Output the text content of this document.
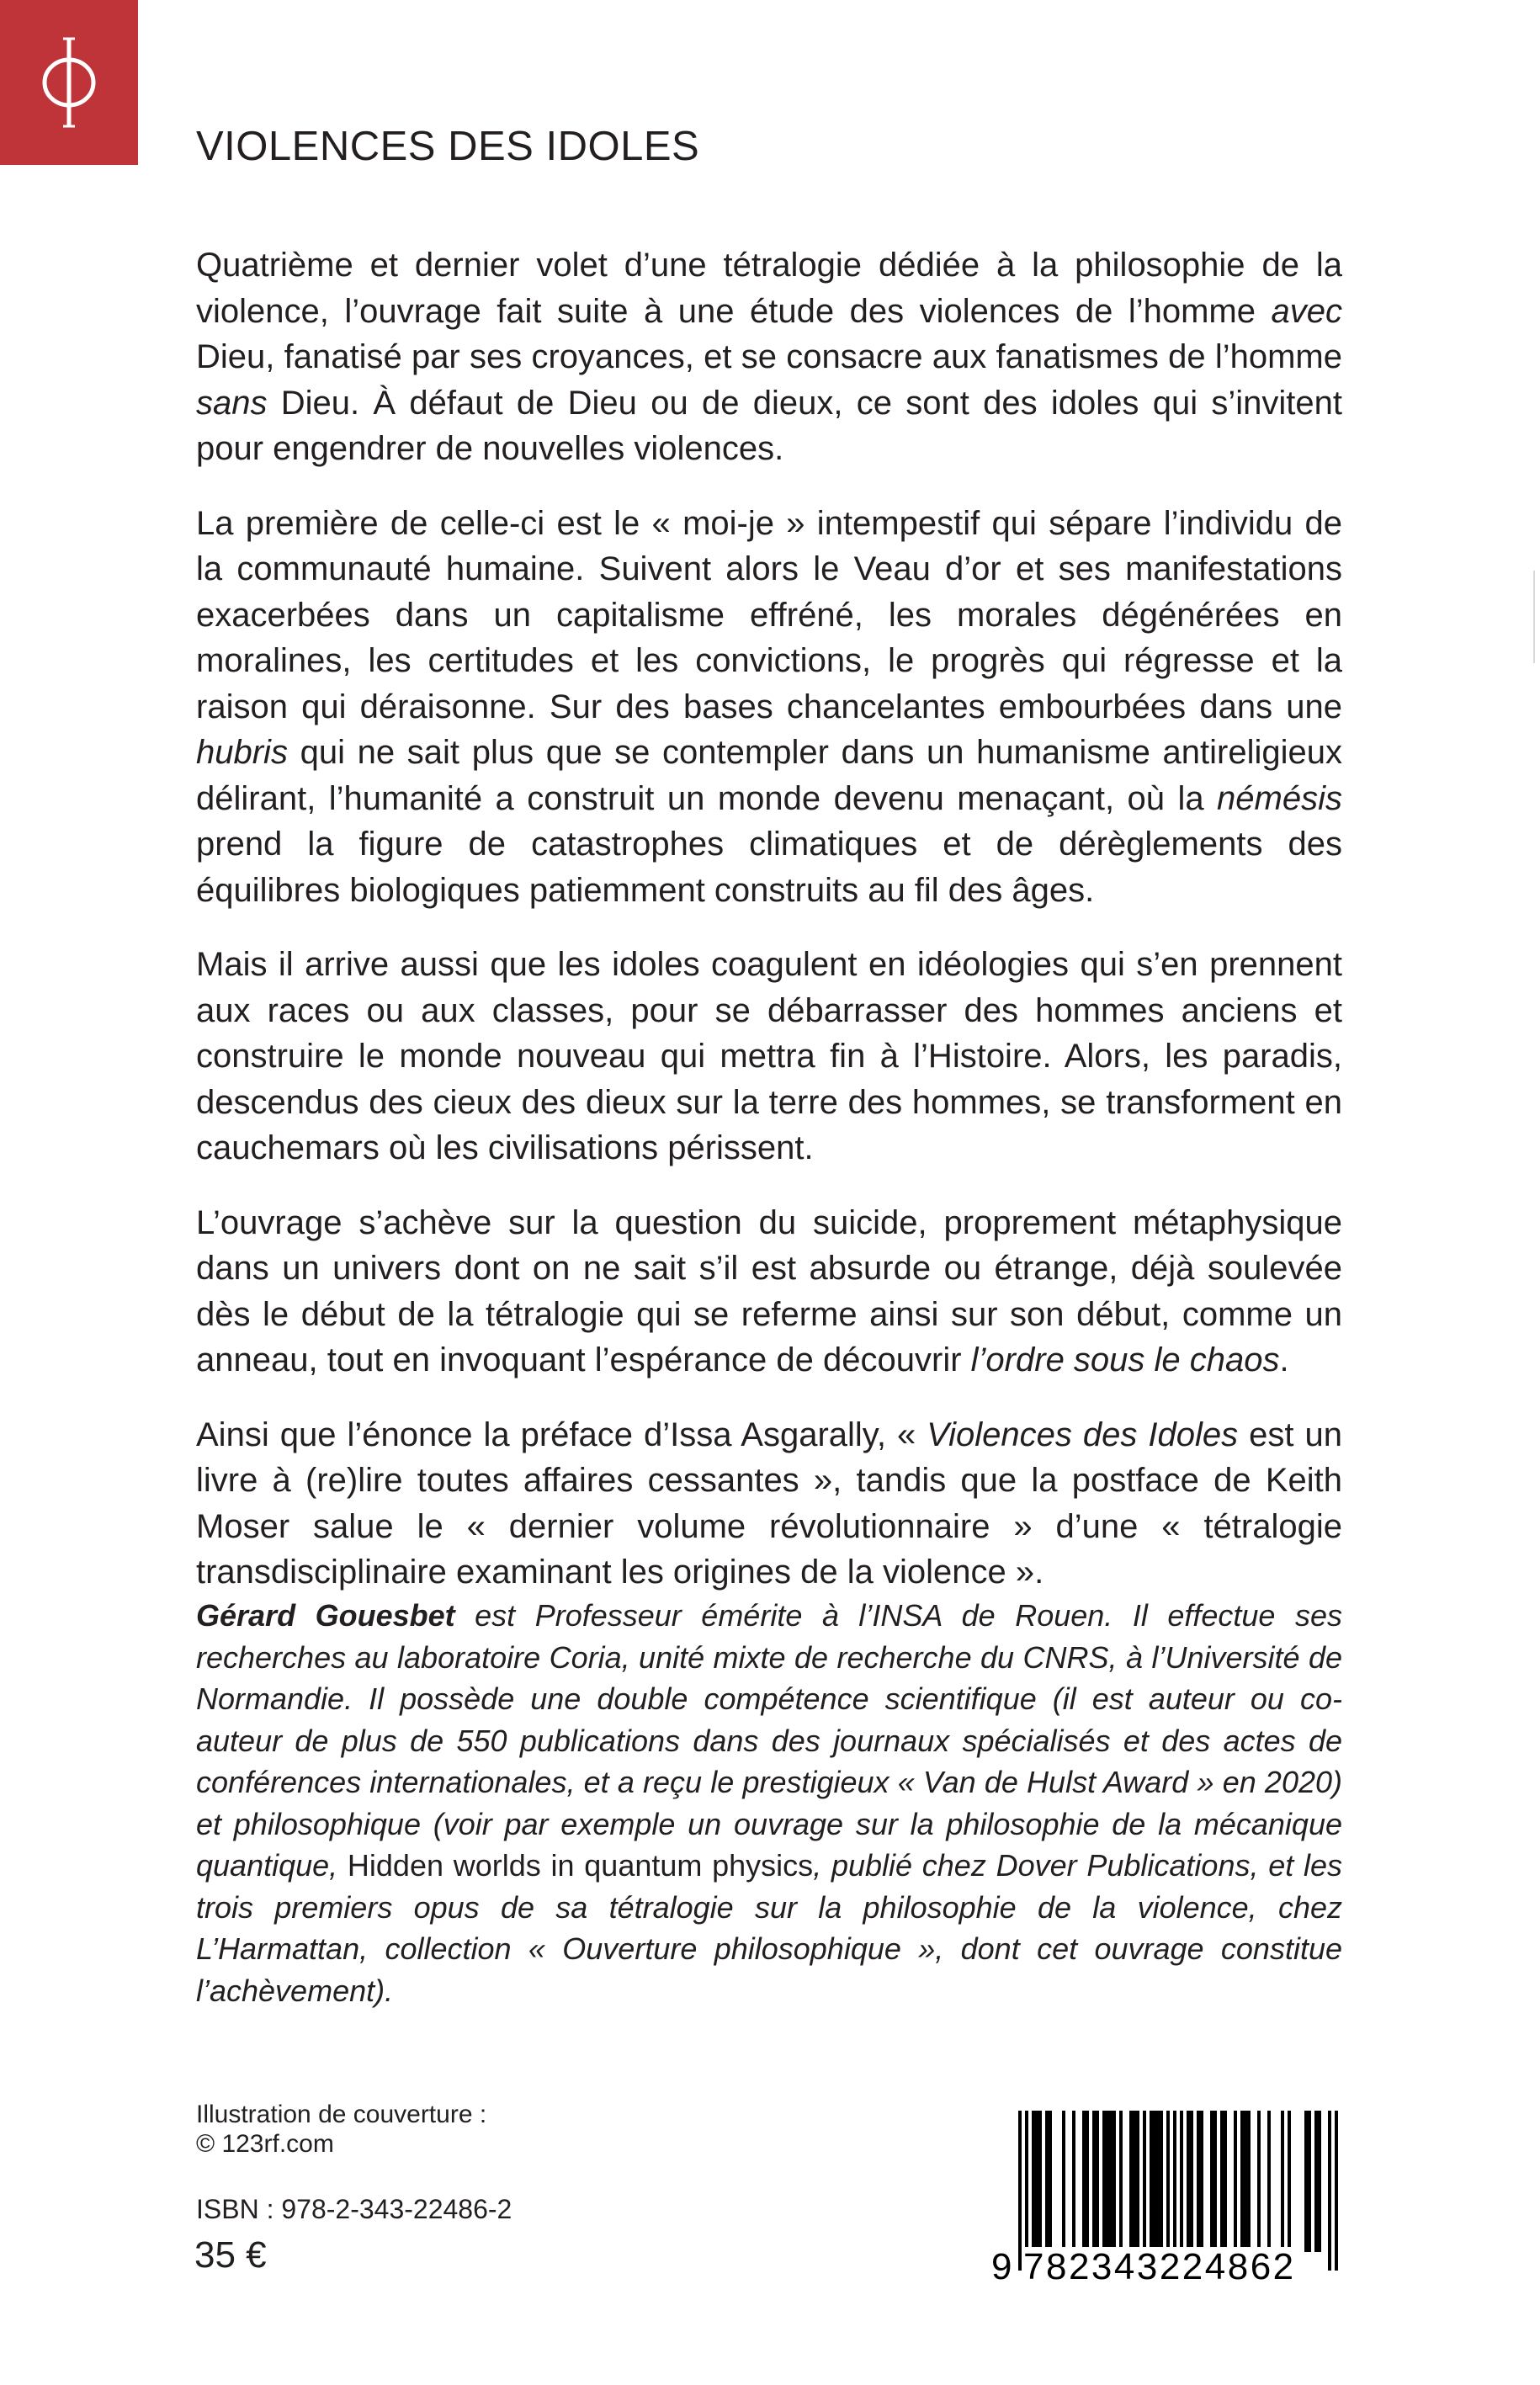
VIOLENCES DES IDOLES

Quatrième et dernier volet d’une tétralogie dédiée à la philosophie de la violence, l’ouvrage fait suite à une étude des violences de l’homme avec Dieu, fanatisé par ses croyances, et se consacre aux fanatismes de l’homme sans Dieu. À défaut de Dieu ou de dieux, ce sont des idoles qui s’invitent pour engendrer de nouvelles violences.

La première de celle-ci est le « moi-je » intempestif qui sépare l’individu de la communauté humaine. Suivent alors le Veau d’or et ses manifestations exacerbées dans un capitalisme effréné, les morales dégénérées en moralines, les certitudes et les convictions, le progrès qui régresse et la raison qui déraisonne. Sur des bases chancelantes embourbées dans une hubris qui ne sait plus que se contempler dans un humanisme antireligieux délirant, l’humanité a construit un monde devenu menaçant, où la némésis prend la figure de catastrophes climatiques et de dérèglements des équilibres biologiques patiemment construits au fil des âges.

Mais il arrive aussi que les idoles coagulent en idéologies qui s’en prennent aux races ou aux classes, pour se débarrasser des hommes anciens et construire le monde nouveau qui mettra fin à l’Histoire. Alors, les paradis, descendus des cieux des dieux sur la terre des hommes, se transforment en cauchemars où les civilisations périssent.

L’ouvrage s’achève sur la question du suicide, proprement métaphysique dans un univers dont on ne sait s’il est absurde ou étrange, déjà soulevée dès le début de la tétralogie qui se referme ainsi sur son début, comme un anneau, tout en invoquant l’espérance de découvrir l’ordre sous le chaos.

Ainsi que l’énonce la préface d’Issa Asgarally, « Violences des Idoles est un livre à (re)lire toutes affaires cessantes », tandis que la postface de Keith Moser salue le « dernier volume révolutionnaire » d’une « tétralogie transdisciplinaire examinant les origines de la violence ».

Gérard Gouesbet est Professeur émérite à l’INSA de Rouen. Il effectue ses recherches au laboratoire Coria, unité mixte de recherche du CNRS, à l’Université de Normandie. Il possède une double compétence scientifique (il est auteur ou co-auteur de plus de 550 publications dans des journaux spécialisés et des actes de conférences internationales, et a reçu le prestigieux « Van de Hulst Award » en 2020) et philosophique (voir par exemple un ouvrage sur la philosophie de la mécanique quantique, Hidden worlds in quantum physics, publié chez Dover Publications, et les trois premiers opus de sa tétralogie sur la philosophie de la violence, chez L’Harmattan, collection « Ouverture philosophique », dont cet ouvrage constitue l’achèvement).
Illustration de couverture :
© 123rf.com
ISBN : 978-2-343-22486-2
35 €	9 782343224862
